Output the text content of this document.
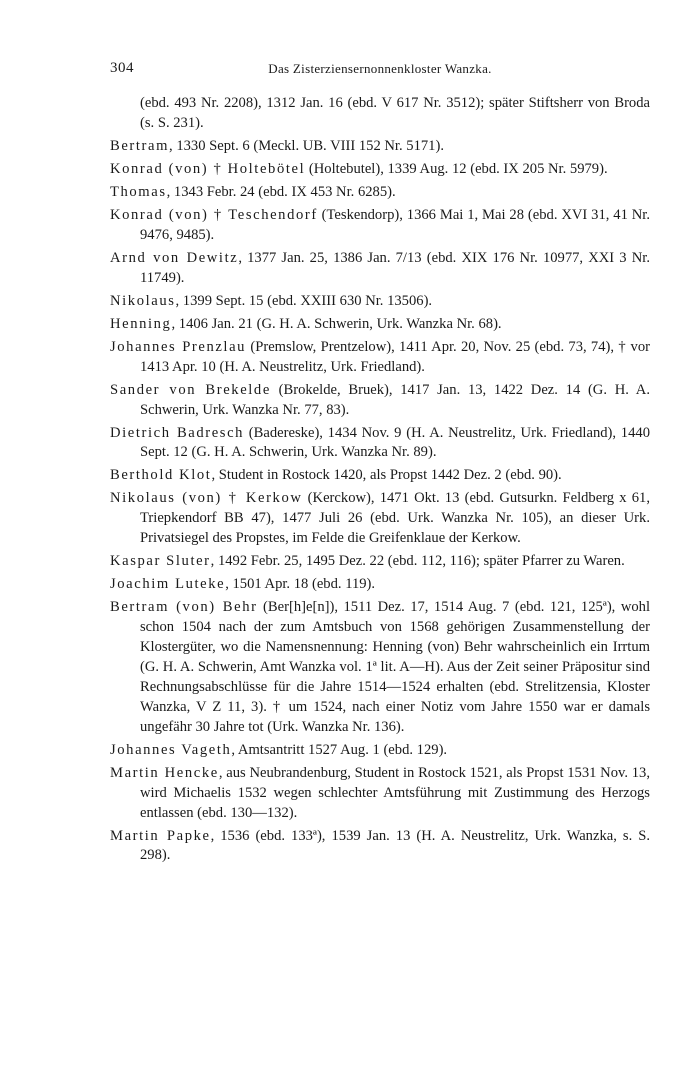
304	Das Zisterziensernonnenkloster Wanzka.

(ebd. 493 Nr. 2208), 1312 Jan. 16 (ebd. V 617 Nr. 3512); später Stiftsherr von Broda (s. S. 231).

Bertram, 1330 Sept. 6 (Meckl. UB. VIII 152 Nr. 5171).

Konrad (von) † Holtebötel (Holtebutel), 1339 Aug. 12 (ebd. IX 205 Nr. 5979).

Thomas, 1343 Febr. 24 (ebd. IX 453 Nr. 6285).

Konrad (von) † Teschendorf (Teskendorp), 1366 Mai 1, Mai 28 (ebd. XVI 31, 41 Nr. 9476, 9485).

Arnd von Dewitz, 1377 Jan. 25, 1386 Jan. 7/13 (ebd. XIX 176 Nr. 10977, XXI 3 Nr. 11749).

Nikolaus, 1399 Sept. 15 (ebd. XXIII 630 Nr. 13506).

Henning, 1406 Jan. 21 (G. H. A. Schwerin, Urk. Wanzka Nr. 68).

Johannes Prenzlau (Premslow, Prentzelow), 1411 Apr. 20, Nov. 25 (ebd. 73, 74), † vor 1413 Apr. 10 (H. A. Neustrelitz, Urk. Friedland).

Sander von Brekelde (Brokelde, Bruek), 1417 Jan. 13, 1422 Dez. 14 (G. H. A. Schwerin, Urk. Wanzka Nr. 77, 83).

Dietrich Badresch (Badereske), 1434 Nov. 9 (H. A. Neustrelitz, Urk. Friedland), 1440 Sept. 12 (G. H. A. Schwerin, Urk. Wanzka Nr. 89).

Berthold Klot, Student in Rostock 1420, als Propst 1442 Dez. 2 (ebd. 90).

Nikolaus (von) † Kerkow (Kerckow), 1471 Okt. 13 (ebd. Gutsurkn. Feldberg x 61, Triepkendorf BB 47), 1477 Juli 26 (ebd. Urk. Wanzka Nr. 105), an dieser Urk. Privatsiegel des Propstes, im Felde die Greifenklaue der Kerkow.

Kaspar Sluter, 1492 Febr. 25, 1495 Dez. 22 (ebd. 112, 116); später Pfarrer zu Waren.

Joachim Luteke, 1501 Apr. 18 (ebd. 119).

Bertram (von) Behr (Ber[h]e[n]), 1511 Dez. 17, 1514 Aug. 7 (ebd. 121, 125ª), wohl schon 1504 nach der zum Amtsbuch von 1568 gehörigen Zusammenstellung der Klostergüter, wo die Namensnennung: Henning (von) Behr wahrscheinlich ein Irrtum (G. H. A. Schwerin, Amt Wanzka vol. 1ª lit. A—H). Aus der Zeit seiner Präpositur sind Rechnungsabschlüsse für die Jahre 1514—1524 erhalten (ebd. Strelitzensia, Kloster Wanzka, V Z 11, 3). † um 1524, nach einer Notiz vom Jahre 1550 war er damals ungefähr 30 Jahre tot (Urk. Wanzka Nr. 136).

Johannes Vageth, Amtsantritt 1527 Aug. 1 (ebd. 129).

Martin Hencke, aus Neubrandenburg, Student in Rostock 1521, als Propst 1531 Nov. 13, wird Michaelis 1532 wegen schlechter Amtsführung mit Zustimmung des Herzogs entlassen (ebd. 130—132).

Martin Papke, 1536 (ebd. 133ª), 1539 Jan. 13 (H. A. Neustrelitz, Urk. Wanzka, s. S. 298).
